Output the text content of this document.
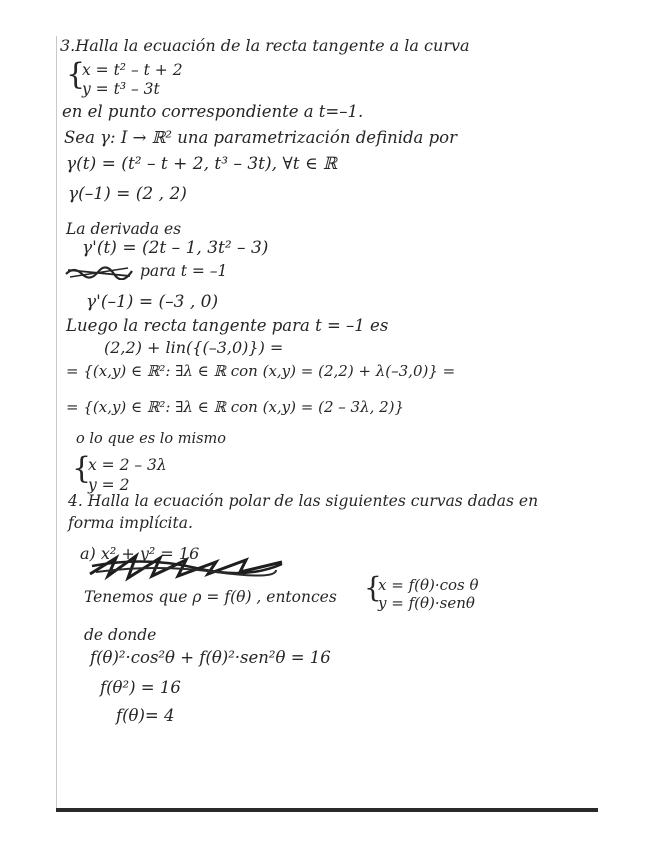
3.Halla la ecuación de la recta tangente a la curva
{
x = t² – t + 2
y = t³ – 3t
en el punto correspondiente a t=–1.
Sea γ: I → ℝ² una parametrización definida por
γ(t) = (t² – t + 2, t³ – 3t), ∀t ∈ ℝ
γ(–1) = (2 , 2)
La derivada es
γ'(t) = (2t – 1, 3t² – 3)
para t = –1
γ'(–1) = (–3 , 0)
Luego la recta tangente para t = –1 es
(2,2) + lin({(–3,0)}) =
= {(x,y) ∈ ℝ²: ∃λ ∈ ℝ con (x,y) = (2,2) + λ(–3,0)} =
= {(x,y) ∈ ℝ²: ∃λ ∈ ℝ con (x,y) = (2 – 3λ, 2)}
o lo que es lo mismo
{
x = 2 – 3λ
y = 2
4. Halla la ecuación polar de las siguientes curvas dadas en
forma implícita.
a) x² + y² = 16
Tenemos que ρ = f(θ) , entonces {
x = f(θ)·cos θ
y = f(θ)·senθ
de donde
f(θ)²·cos²θ + f(θ)²·sen²θ = 16
f(θ²) = 16
f(θ)= 4
